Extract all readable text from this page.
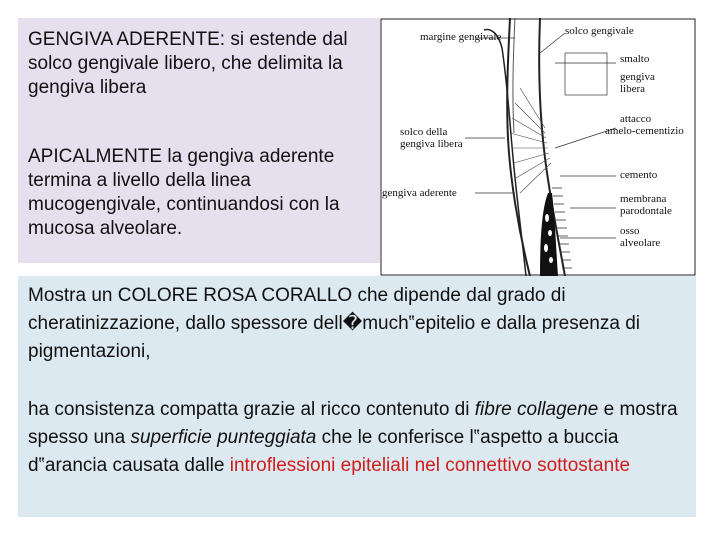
GENGIVA ADERENTE: si estende dal solco gengivale libero, che delimita la gengiva libera

APICALMENTE la gengiva aderente termina a livello della linea mucogengivale, continuandosi con la mucosa alveolare.

margine gengivale	solco gengivale
smalto
gengiva
libera
attacco
amelo-cementizio
solco della
gengiva libera
cemento
gengiva aderente	membrana
parodontale
osso
alveolare

Mostra un COLORE ROSA CORALLO che dipende dal grado di cheratinizzazione, dallo spessore dell�much‟epitelio e dalla presenza di pigmentazioni,

ha consistenza compatta grazie al ricco contenuto di fibre collagene e mostra spesso una superficie punteggiata che le conferisce l‟aspetto a buccia d‟arancia causata dalle introflessioni epiteliali nel connettivo sottostante
